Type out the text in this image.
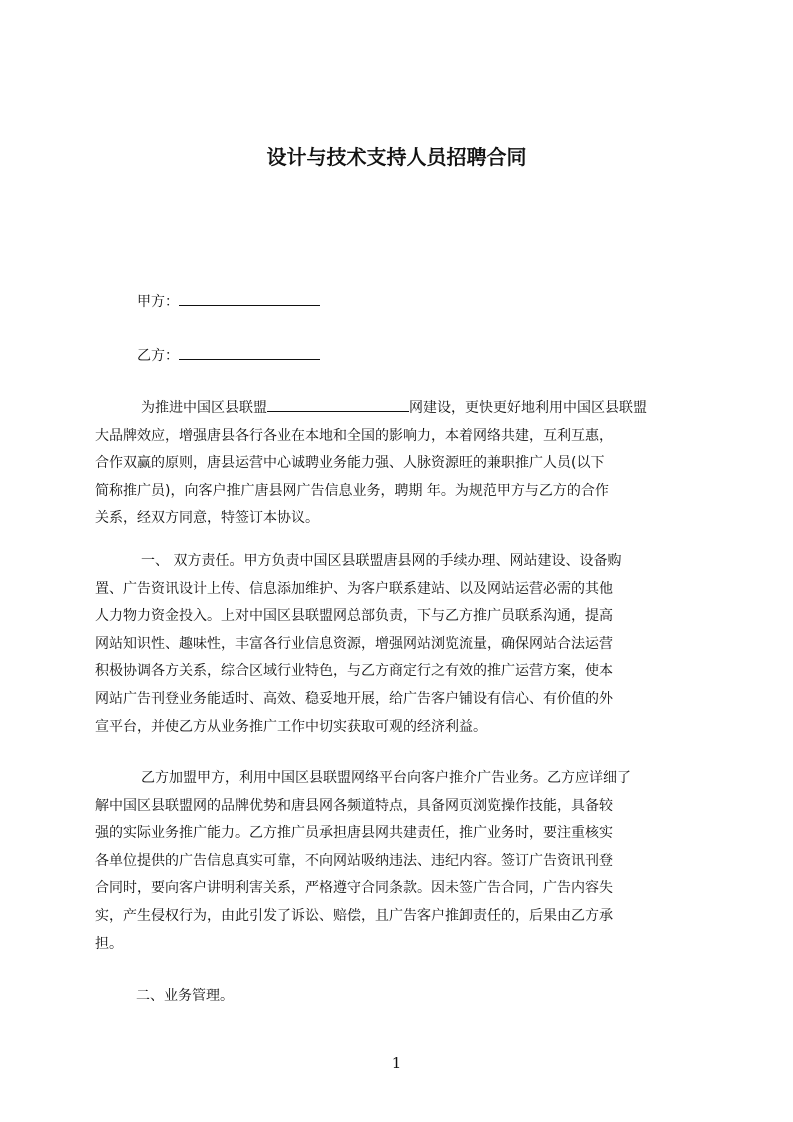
设计与技术支持人员招聘合同
甲方：
乙方：
为推进中国区县联盟	网建设，更快更好地利用中国区县联盟
大品牌效应，增强唐县各行各业在本地和全国的影响力，本着网络共建，互利互惠，
合作双赢的原则，唐县运营中心诚聘业务能力强、人脉资源旺的兼职推广人员(以下
简称推广员)，向客户推广唐县网广告信息业务，聘期 年。为规范甲方与乙方的合作
关系，经双方同意，特签订本协议。
一、 双方责任。甲方负责中国区县联盟唐县网的手续办理、网站建设、设备购
置、广告资讯设计上传、信息添加维护、为客户联系建站、以及网站运营必需的其他
人力物力资金投入。上对中国区县联盟网总部负责，下与乙方推广员联系沟通，提高
网站知识性、趣味性，丰富各行业信息资源，增强网站浏览流量，确保网站合法运营
积极协调各方关系，综合区域行业特色，与乙方商定行之有效的推广运营方案，使本
网站广告刊登业务能适时、高效、稳妥地开展，给广告客户铺设有信心、有价值的外
宣平台，并使乙方从业务推广工作中切实获取可观的经济利益。
乙方加盟甲方，利用中国区县联盟网络平台向客户推介广告业务。乙方应详细了
解中国区县联盟网的品牌优势和唐县网各频道特点，具备网页浏览操作技能，具备较
强的实际业务推广能力。乙方推广员承担唐县网共建责任，推广业务时，要注重核实
各单位提供的广告信息真实可靠，不向网站吸纳违法、违纪内容。签订广告资讯刊登
合同时，要向客户讲明利害关系，严格遵守合同条款。因未签广告合同，广告内容失
实，产生侵权行为，由此引发了诉讼、赔偿，且广告客户推卸责任的，后果由乙方承
担。
二、业务管理。
1
